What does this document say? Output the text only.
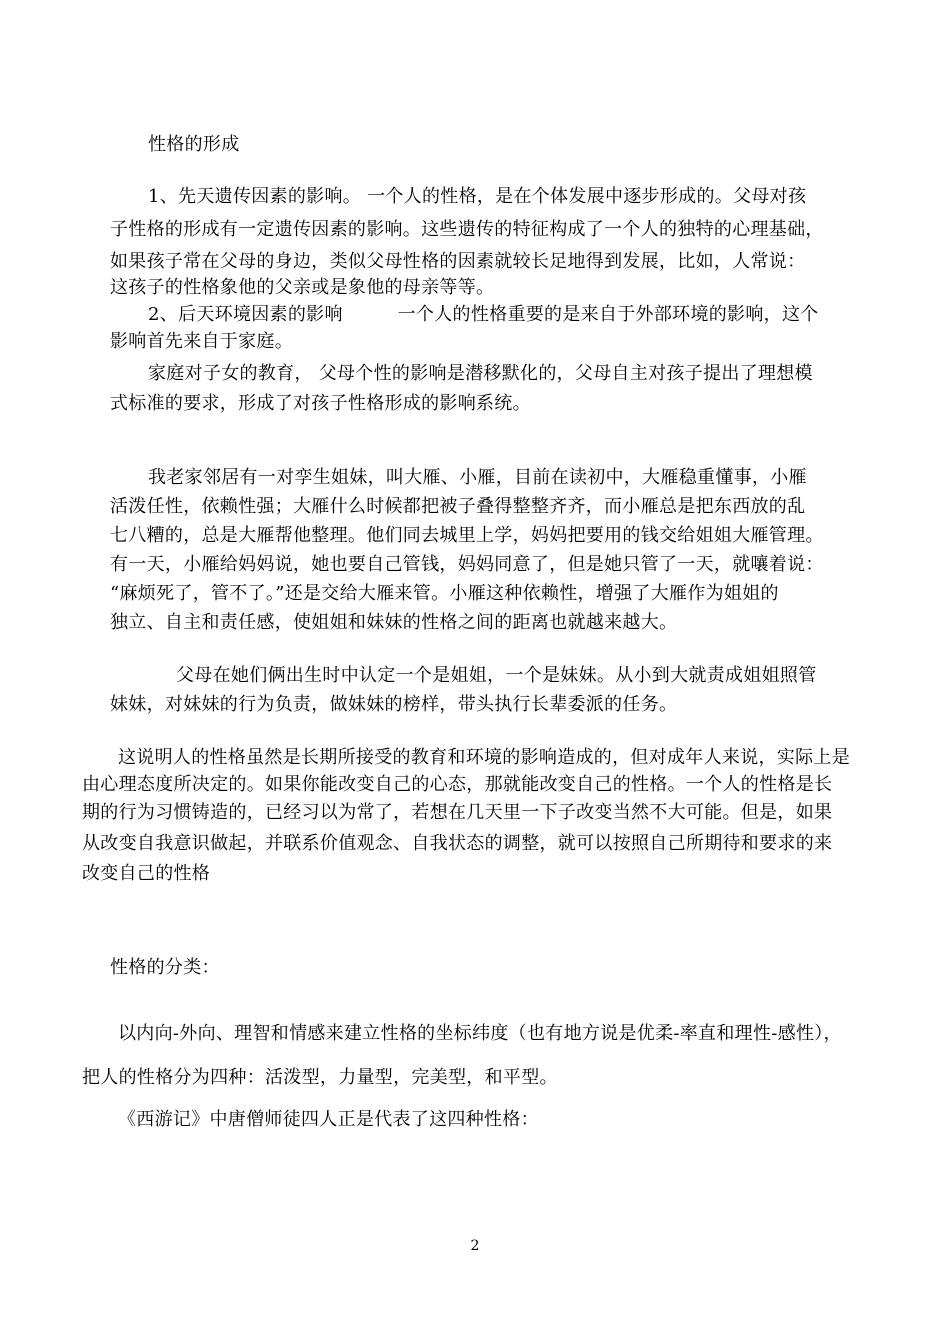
性格的形成
1、先天遗传因素的影响。 一个人的性格，是在个体发展中逐步形成的。父母对孩
子性格的形成有一定遗传因素的影响。这些遗传的特征构成了一个人的独特的心理基础，
如果孩子常在父母的身边，类似父母性格的因素就较长足地得到发展，比如，人常说：
这孩子的性格象他的父亲或是象他的母亲等等。
2、后天环境因素的影响　　　一个人的性格重要的是来自于外部环境的影响，这个
影响首先来自于家庭。
家庭对子女的教育， 父母个性的影响是潜移默化的，父母自主对孩子提出了理想模
式标准的要求，形成了对孩子性格形成的影响系统。
我老家邻居有一对孪生姐妹，叫大雁、小雁，目前在读初中，大雁稳重懂事，小雁
活泼任性，依赖性强；大雁什么时候都把被子叠得整整齐齐，而小雁总是把东西放的乱
七八糟的，总是大雁帮他整理。他们同去城里上学，妈妈把要用的钱交给姐姐大雁管理。
有一天，小雁给妈妈说，她也要自己管钱，妈妈同意了，但是她只管了一天，就嚷着说：
“麻烦死了，管不了。”还是交给大雁来管。小雁这种依赖性，增强了大雁作为姐姐的
独立、自主和责任感，使姐姐和妹妹的性格之间的距离也就越来越大。
父母在她们俩出生时中认定一个是姐姐，一个是妹妹。从小到大就责成姐姐照管
妹妹，对妹妹的行为负责，做妹妹的榜样，带头执行长辈委派的任务。
这说明人的性格虽然是长期所接受的教育和环境的影响造成的，但对成年人来说，实际上是
由心理态度所决定的。如果你能改变自己的心态，那就能改变自己的性格。一个人的性格是长
期的行为习惯铸造的，已经习以为常了，若想在几天里一下子改变当然不大可能。但是，如果
从改变自我意识做起，并联系价值观念、自我状态的调整，就可以按照自己所期待和要求的来
改变自己的性格
性格的分类：
以内向-外向、理智和情感来建立性格的坐标纬度（也有地方说是优柔-率直和理性-感性），
把人的性格分为四种：活泼型，力量型，完美型，和平型。
《西游记》中唐僧师徒四人正是代表了这四种性格：
2
